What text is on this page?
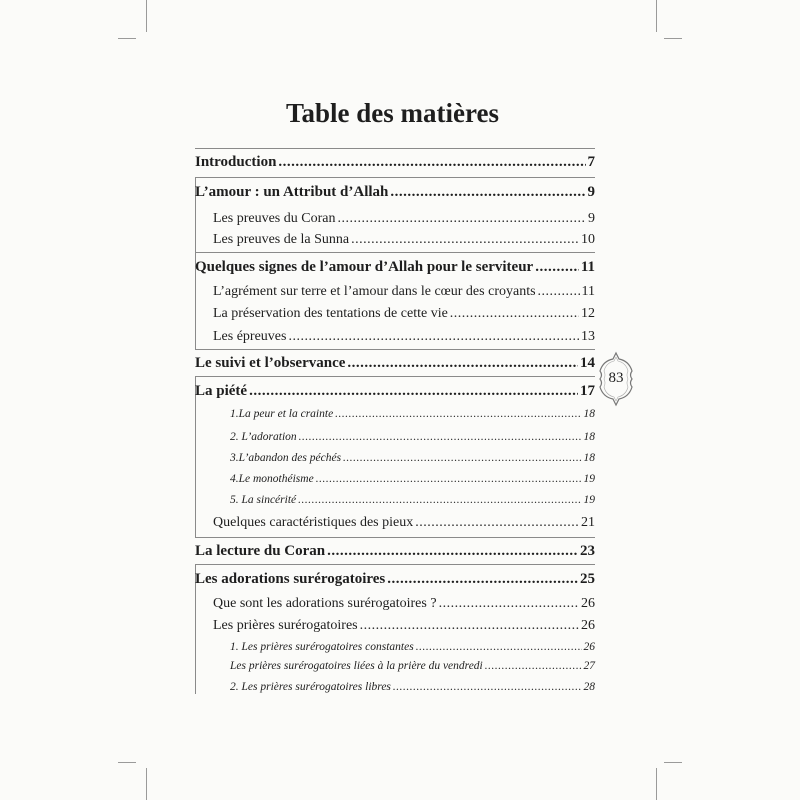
Table des matières
Introduction .....	7
L’amour : un Attribut d’Allah .....	9
Les preuves du Coran .....	9
Les preuves de la Sunna .....	10
Quelques signes de l’amour d’Allah pour le serviteur .....	11
L’agrément sur terre et l’amour dans le cœur des croyants .....	11
La préservation des tentations de cette vie .....	12
Les épreuves .....	13
Le suivi et l’observance .....	14
La piété .....	17
1.La peur et la crainte .....	18
2. L’adoration .....	18
3.L’abandon des péchés .....	18
4.Le monothéisme .....	19
5. La sincérité .....	19
Quelques caractéristiques des pieux .....	21
La lecture du Coran .....	23
Les adorations surérogatoires .....	25
Que sont les adorations surérogatoires ? .....	26
Les prières surérogatoires .....	26
1. Les prières surérogatoires constantes .....	26
Les prières surérogatoires liées à la prière du vendredi .....	27
2. Les prières surérogatoires libres .....	28
83
